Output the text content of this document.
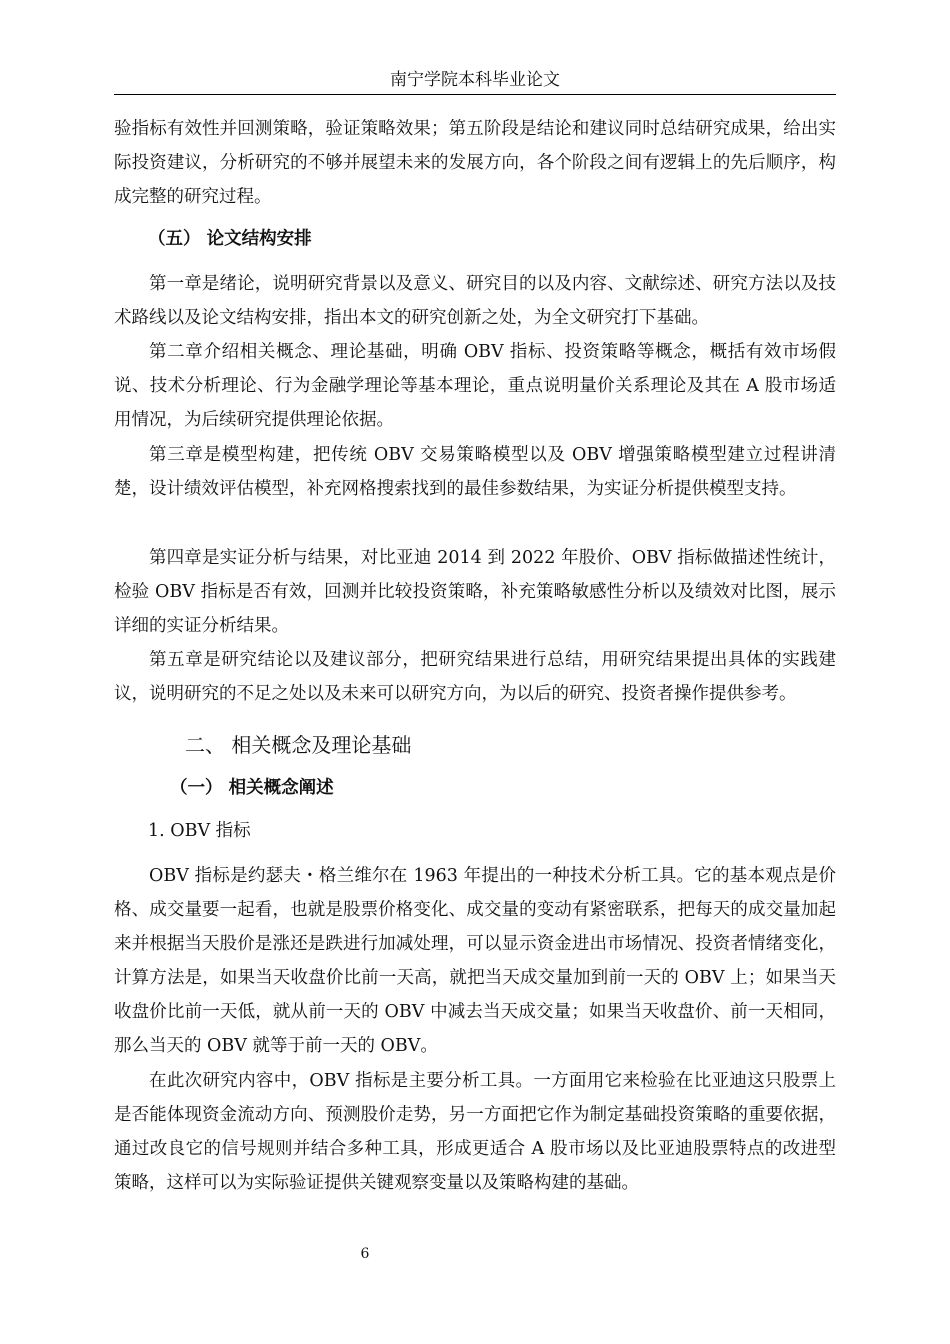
南宁学院本科毕业论文

验指标有效性并回测策略，验证策略效果；第五阶段是结论和建议同时总结研究成果，给出实际投资建议，分析研究的不够并展望未来的发展方向，各个阶段之间有逻辑上的先后顺序，构成完整的研究过程。

（五） 论文结构安排

第一章是绪论，说明研究背景以及意义、研究目的以及内容、文献综述、研究方法以及技术路线以及论文结构安排，指出本文的研究创新之处，为全文研究打下基础。

第二章介绍相关概念、理论基础，明确 OBV 指标、投资策略等概念，概括有效市场假说、技术分析理论、行为金融学理论等基本理论，重点说明量价关系理论及其在 A 股市场适用情况，为后续研究提供理论依据。

第三章是模型构建，把传统 OBV 交易策略模型以及 OBV 增强策略模型建立过程讲清楚，设计绩效评估模型，补充网格搜索找到的最佳参数结果，为实证分析提供模型支持。

第四章是实证分析与结果，对比亚迪 2014 到 2022 年股价、OBV 指标做描述性统计，检验 OBV 指标是否有效，回测并比较投资策略，补充策略敏感性分析以及绩效对比图，展示详细的实证分析结果。

第五章是研究结论以及建议部分，把研究结果进行总结，用研究结果提出具体的实践建议，说明研究的不足之处以及未来可以研究方向，为以后的研究、投资者操作提供参考。

二、 相关概念及理论基础
（一） 相关概念阐述
1. OBV 指标

OBV 指标是约瑟夫・格兰维尔在 1963 年提出的一种技术分析工具。它的基本观点是价格、成交量要一起看，也就是股票价格变化、成交量的变动有紧密联系，把每天的成交量加起来并根据当天股价是涨还是跌进行加减处理，可以显示资金进出市场情况、投资者情绪变化，计算方法是，如果当天收盘价比前一天高，就把当天成交量加到前一天的 OBV 上；如果当天收盘价比前一天低，就从前一天的 OBV 中减去当天成交量；如果当天收盘价、前一天相同，那么当天的 OBV 就等于前一天的 OBV。

在此次研究内容中，OBV 指标是主要分析工具。一方面用它来检验在比亚迪这只股票上是否能体现资金流动方向、预测股价走势，另一方面把它作为制定基础投资策略的重要依据，通过改良它的信号规则并结合多种工具，形成更适合 A 股市场以及比亚迪股票特点的改进型策略，这样可以为实际验证提供关键观察变量以及策略构建的基础。

6
